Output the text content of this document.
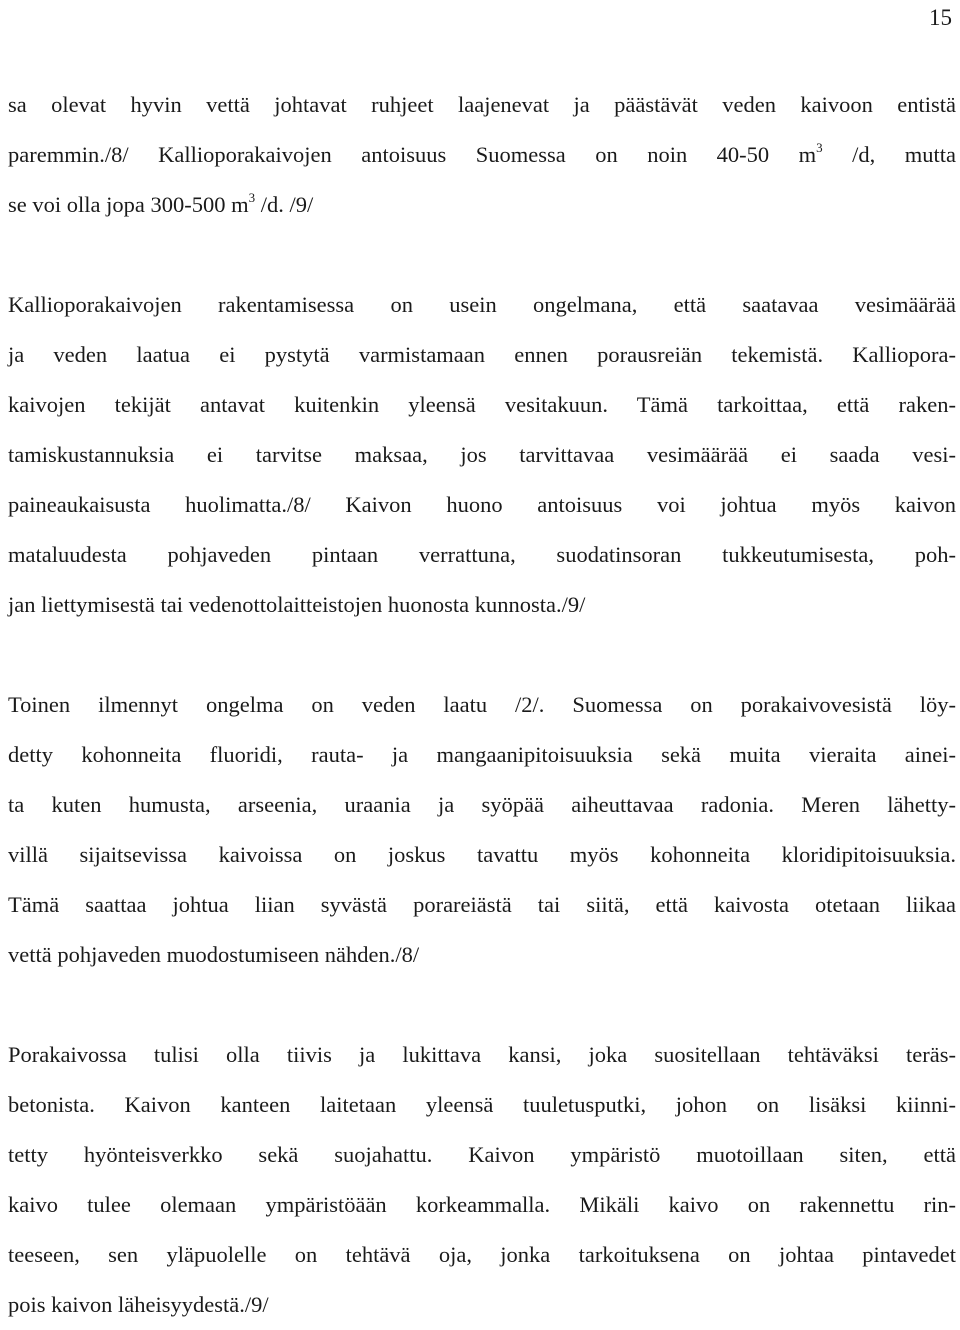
15
sa olevat hyvin vettä johtavat ruhjeet laajenevat ja päästävät veden kaivoon entistä
paremmin./8/ Kallioporakaivojen antoisuus Suomessa on noin 40-50 $m^3$ /d, mutta
se voi olla jopa 300-500 $m^3$ /d. /9/
Kallioporakaivojen rakentamisessa on usein ongelmana, että saatavaa vesimäärää
ja veden laatua ei pystytä varmistamaan ennen porausreiän tekemistä. Kalliopora-
kaivojen tekijät antavat kuitenkin yleensä vesitakuun. Tämä tarkoittaa, että raken-
tamiskustannuksia ei tarvitse maksaa, jos tarvittavaa vesimäärää ei saada vesi-
paineaukaisusta huolimatta./8/ Kaivon huono antoisuus voi johtua myös kaivon
mataluudesta pohjaveden pintaan verrattuna, suodatinsoran tukkeutumisesta, poh-
jan liettymisestä tai vedenottolaitteistojen huonosta kunnosta./9/
Toinen ilmennyt ongelma on veden laatu /2/. Suomessa on porakaivovesistä löy-
detty kohonneita fluoridi, rauta- ja mangaanipitoisuuksia sekä muita vieraita ainei-
ta kuten humusta, arseenia, uraania ja syöpää aiheuttavaa radonia. Meren lähetty-
villä sijaitsevissa kaivoissa on joskus tavattu myös kohonneita kloridipitoisuuksia.
Tämä saattaa johtua liian syvästä porareiästä tai siitä, että kaivosta otetaan liikaa
vettä pohjaveden muodostumiseen nähden./8/
Porakaivossa tulisi olla tiivis ja lukittava kansi, joka suositellaan tehtäväksi teräs-
betonista. Kaivon kanteen laitetaan yleensä tuuletusputki, johon on lisäksi kiinni-
tetty hyönteisverkko sekä suojahattu. Kaivon ympäristö muotoillaan siten, että
kaivo tulee olemaan ympäristöään korkeammalla. Mikäli kaivo on rakennettu rin-
teeseen, sen yläpuolelle on tehtävä oja, jonka tarkoituksena on johtaa pintavedet
pois kaivon läheisyydestä./9/
